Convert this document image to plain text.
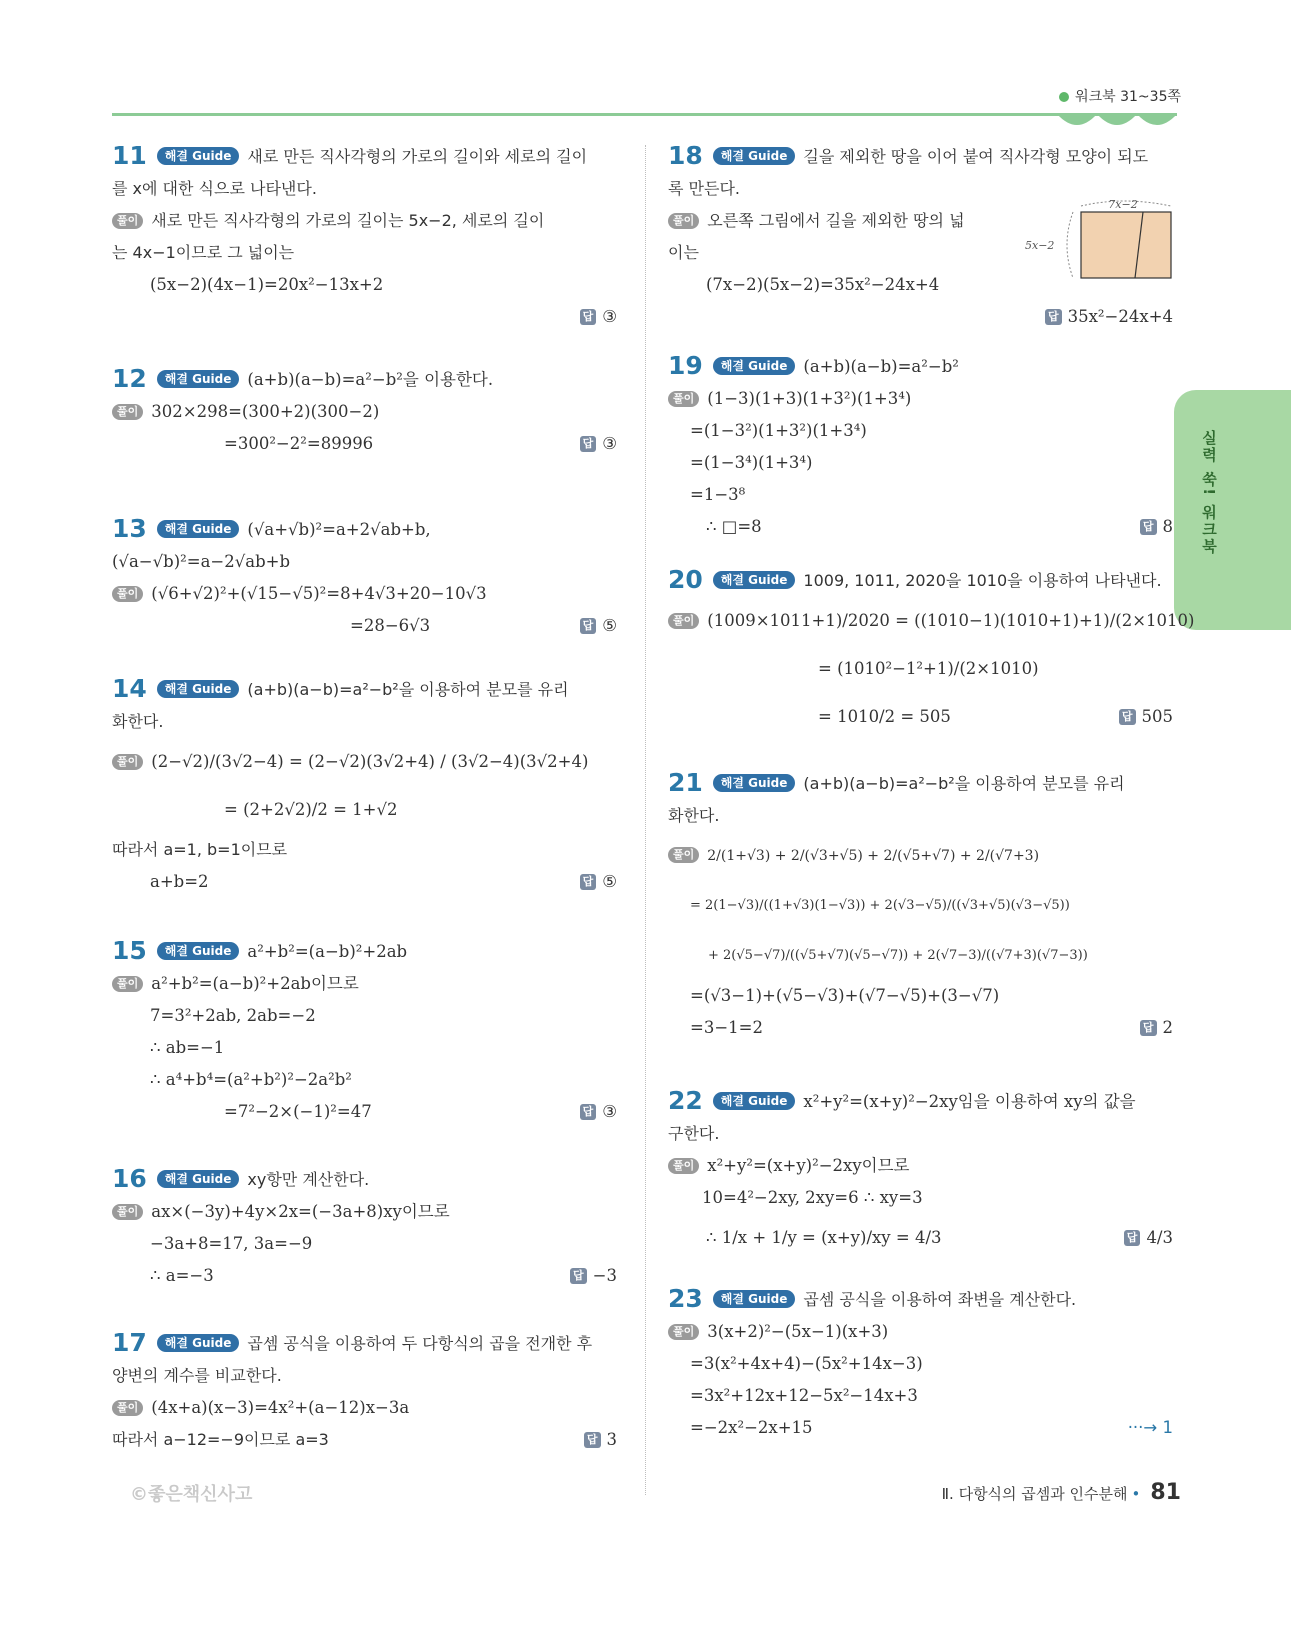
워크북 31~35쪽
실력 쑥! 워크북
11 해결 Guide 새로 만든 직사각형의 가로의 길이와 세로의 길이
를 x에 대한 식으로 나타낸다.
풀이 새로 만든 직사각형의 가로의 길이는 5x−2, 세로의 길이
는 4x−1이므로 그 넓이는
(5x−2)(4x−1)=20x²−13x+2
답 ③

12 해결 Guide (a+b)(a−b)=a²−b²을 이용한다.
풀이 302×298=(300+2)(300−2)
=300²−2²=89996	답 ③
13 해결 Guide (√a+√b)²=a+2√ab+b,
(√a−√b)²=a−2√ab+b
풀이 (√6+√2)²+(√15−√5)²=8+4√3+20−10√3
=28−6√3	답 ⑤
14 해결 Guide (a+b)(a−b)=a²−b²을 이용하여 분모를 유리
화한다.
풀이 (2−√2)/(3√2−4) = (2−√2)(3√2+4) / (3√2−4)(3√2+4)
= (2+2√2)/2 = 1+√2
따라서 a=1, b=1이므로
a+b=2	답 ⑤
15 해결 Guide a²+b²=(a−b)²+2ab
풀이 a²+b²=(a−b)²+2ab이므로
7=3²+2ab, 2ab=−2
∴ ab=−1
∴ a⁴+b⁴=(a²+b²)²−2a²b²
=7²−2×(−1)²=47	답 ③
16 해결 Guide xy항만 계산한다.
풀이 ax×(−3y)+4y×2x=(−3a+8)xy이므로
−3a+8=17, 3a=−9
∴ a=−3	답 −3
17 해결 Guide 곱셈 공식을 이용하여 두 다항식의 곱을 전개한 후
양변의 계수를 비교한다.
풀이 (4x+a)(x−3)=4x²+(a−12)x−3a
따라서 a−12=−9이므로 a=3	답 3
18 해결 Guide 길을 제외한 땅을 이어 붙여 직사각형 모양이 되도
록 만든다.
풀이 오른쪽 그림에서 길을 제외한 땅의 넓
이는
(7x−2)(5x−2)=35x²−24x+4
답 35x²−24x+4

7x−2
5x−2
19 해결 Guide (a+b)(a−b)=a²−b²
풀이 (1−3)(1+3)(1+3²)(1+3⁴)
=(1−3²)(1+3²)(1+3⁴)
=(1−3⁴)(1+3⁴)
=1−3⁸
∴ □=8	답 8
20 해결 Guide 1009, 1011, 2020을 1010을 이용하여 나타낸다.
풀이 (1009×1011+1)/2020 = ((1010−1)(1010+1)+1)/(2×1010)
= (1010²−1²+1)/(2×1010)
= 1010/2 = 505	답 505
21 해결 Guide (a+b)(a−b)=a²−b²을 이용하여 분모를 유리
화한다.
풀이 2/(1+√3) + 2/(√3+√5) + 2/(√5+√7) + 2/(√7+3)
= 2(1−√3)/((1+√3)(1−√3)) + 2(√3−√5)/((√3+√5)(√3−√5))
+ 2(√5−√7)/((√5+√7)(√5−√7)) + 2(√7−3)/((√7+3)(√7−3))
=(√3−1)+(√5−√3)+(√7−√5)+(3−√7)
=3−1=2	답 2
22 해결 Guide x²+y²=(x+y)²−2xy임을 이용하여 xy의 값을
구한다.
풀이 x²+y²=(x+y)²−2xy이므로
10=4²−2xy, 2xy=6 ∴ xy=3
∴ 1/x + 1/y = (x+y)/xy = 4/3	답 4/3
23 해결 Guide 곱셈 공식을 이용하여 좌변을 계산한다.
풀이 3(x+2)²−(5x−1)(x+3)
=3(x²+4x+4)−(5x²+14x−3)
=3x²+12x+12−5x²−14x+3
=−2x²−2x+15	···→ 1
©좋은책신사고	Ⅱ. 다항식의 곱셈과 인수분해 • 81
